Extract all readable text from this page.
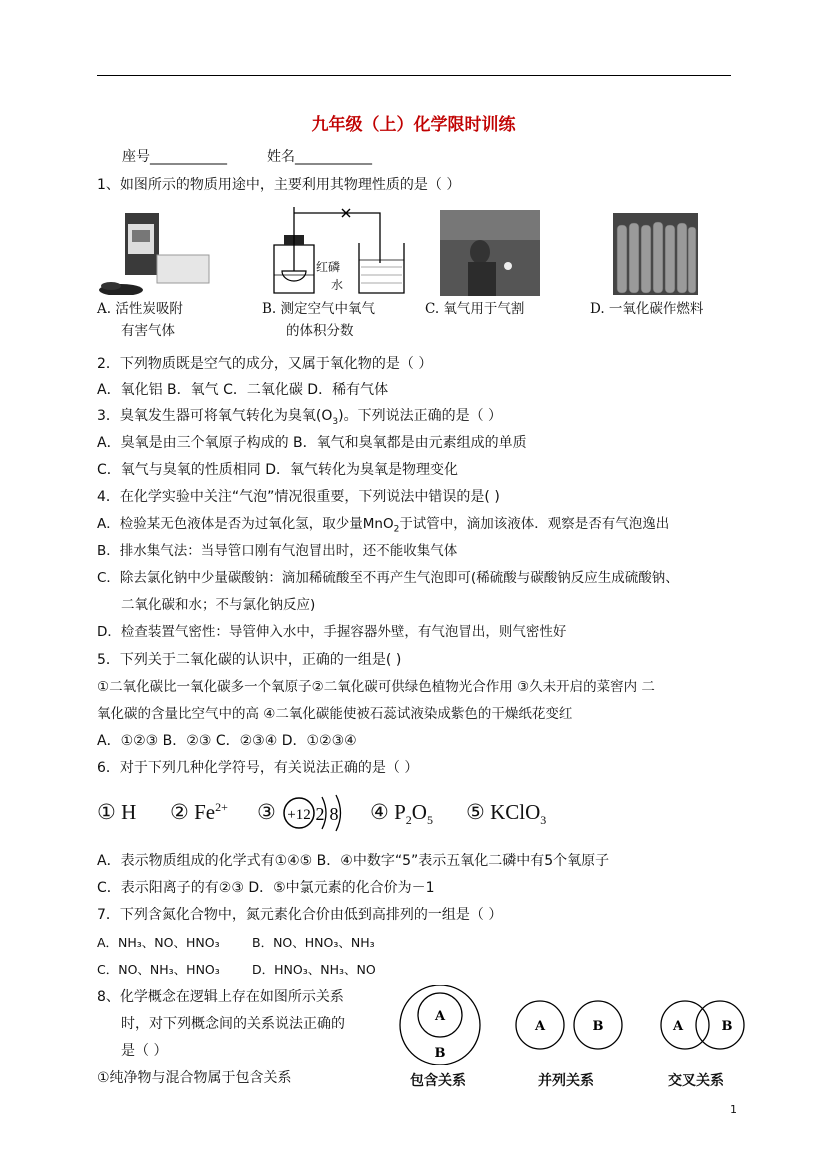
九年级（上）化学限时训练
座号___________	姓名___________
1、如图所示的物质用途中，主要利用其物理性质的是（ ）
A. 活性炭吸附
有害气体
红磷
水
B. 测定空气中氧气
的体积分数
C. 氧气用于气割	D. 一氧化碳作燃料
2．下列物质既是空气的成分，又属于氧化物的是（ ）
A．氧化铝 B．氧气 C．二氧化碳 D．稀有气体
3．臭氧发生器可将氧气转化为臭氧$(O_3)$。下列说法正确的是（ ）
A．臭氧是由三个氧原子构成的 B．氧气和臭氧都是由元素组成的单质
C．氧气与臭氧的性质相同 D．氧气转化为臭氧是物理变化
4．在化学实验中关注“气泡”情况很重要，下列说法中错误的是( )
A．检验某无色液体是否为过氧化氢，取少量MnO$_2$于试管中，滴加该液体．观察是否有气泡逸出
B．排水集气法：当导管口刚有气泡冒出时，还不能收集气体
C．除去氯化钠中少量碳酸钠：滴加稀硫酸至不再产生气泡即可(稀硫酸与碳酸钠反应生成硫酸钠、
二氧化碳和水；不与氯化钠反应)
D．检查装置气密性：导管伸入水中，手握容器外壁，有气泡冒出，则气密性好
5．下列关于二氧化碳的认识中，正确的一组是( )
①二氧化碳比一氧化碳多一个氧原子②二氧化碳可供绿色植物光合作用 ③久未开启的菜窖内 二
氧化碳的含量比空气中的高 ④二氧化碳能使被石蕊试液染成紫色的干燥纸花变红
A．①②③ B．②③ C．②③④ D．①②③④
6．对于下列几种化学符号，有关说法正确的是（ ）
① H ② $Fe^{2+}$ ③ +12 2 8 ④ $P_2O_5$ ⑤ KClO$_3$
A．表示物质组成的化学式有①④⑤ B．④中数字“5”表示五氧化二磷中有5个氧原子
C．表示阳离子的有②③ D．⑤中氯元素的化合价为－1
7．下列含氮化合物中，氮元素化合价由低到高排列的一组是（ ）
A．NH₃、NO、HNO₃	B．NO、HNO₃、NH₃
C．NO、NH₃、HNO₃	D．HNO₃、NH₃、NO
8、化学概念在逻辑上存在如图所示关系
时，对下列概念间的关系说法正确的
是（ ）
①纯净物与混合物属于包含关系
A
B
A	B	A	B
包含关系	并列关系	交叉关系
1
